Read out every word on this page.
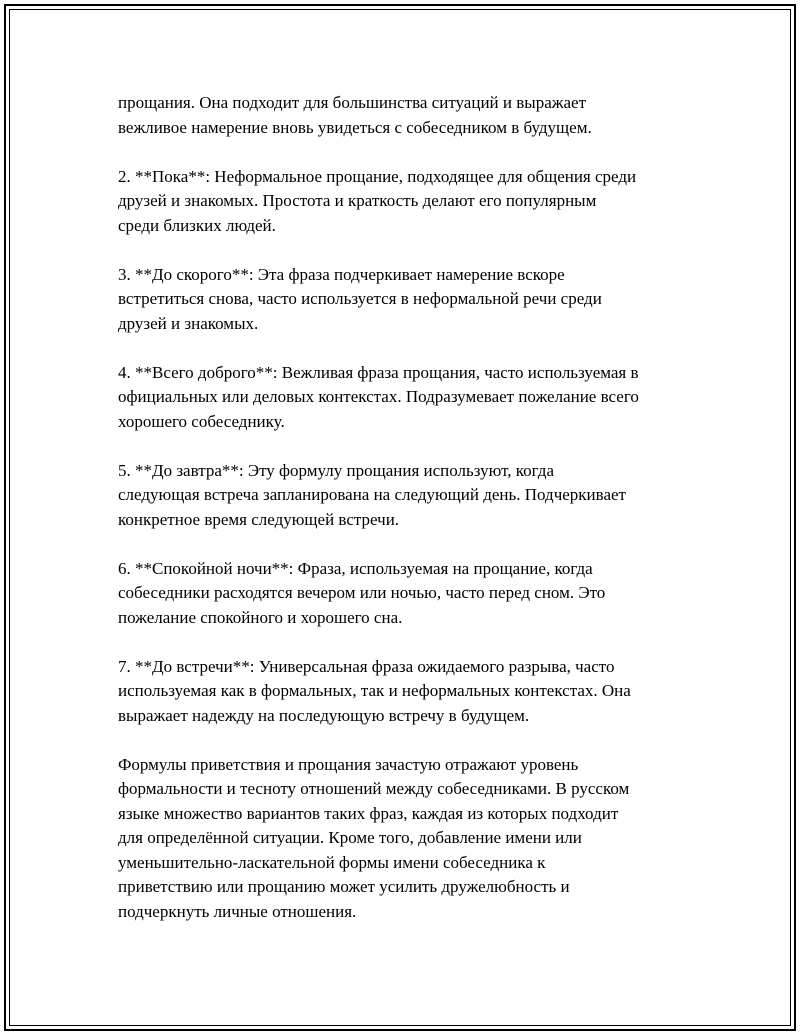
прощания. Она подходит для большинства ситуаций и выражает
вежливое намерение вновь увидеться с собеседником в будущем.

2. **Пока**: Неформальное прощание, подходящее для общения среди
друзей и знакомых. Простота и краткость делают его популярным
среди близких людей.

3. **До скорого**: Эта фраза подчеркивает намерение вскоре
встретиться снова, часто используется в неформальной речи среди
друзей и знакомых.

4. **Всего доброго**: Вежливая фраза прощания, часто используемая в
официальных или деловых контекстах. Подразумевает пожелание всего
хорошего собеседнику.

5. **До завтра**: Эту формулу прощания используют, когда
следующая встреча запланирована на следующий день. Подчеркивает
конкретное время следующей встречи.

6. **Спокойной ночи**: Фраза, используемая на прощание, когда
собеседники расходятся вечером или ночью, часто перед сном. Это
пожелание спокойного и хорошего сна.

7. **До встречи**: Универсальная фраза ожидаемого разрыва, часто
используемая как в формальных, так и неформальных контекстах. Она
выражает надежду на последующую встречу в будущем.

Формулы приветствия и прощания зачастую отражают уровень
формальности и тесноту отношений между собеседниками. В русском
языке множество вариантов таких фраз, каждая из которых подходит
для определённой ситуации. Кроме того, добавление имени или
уменьшительно-ласкательной формы имени собеседника к
приветствию или прощанию может усилить дружелюбность и
подчеркнуть личные отношения.
